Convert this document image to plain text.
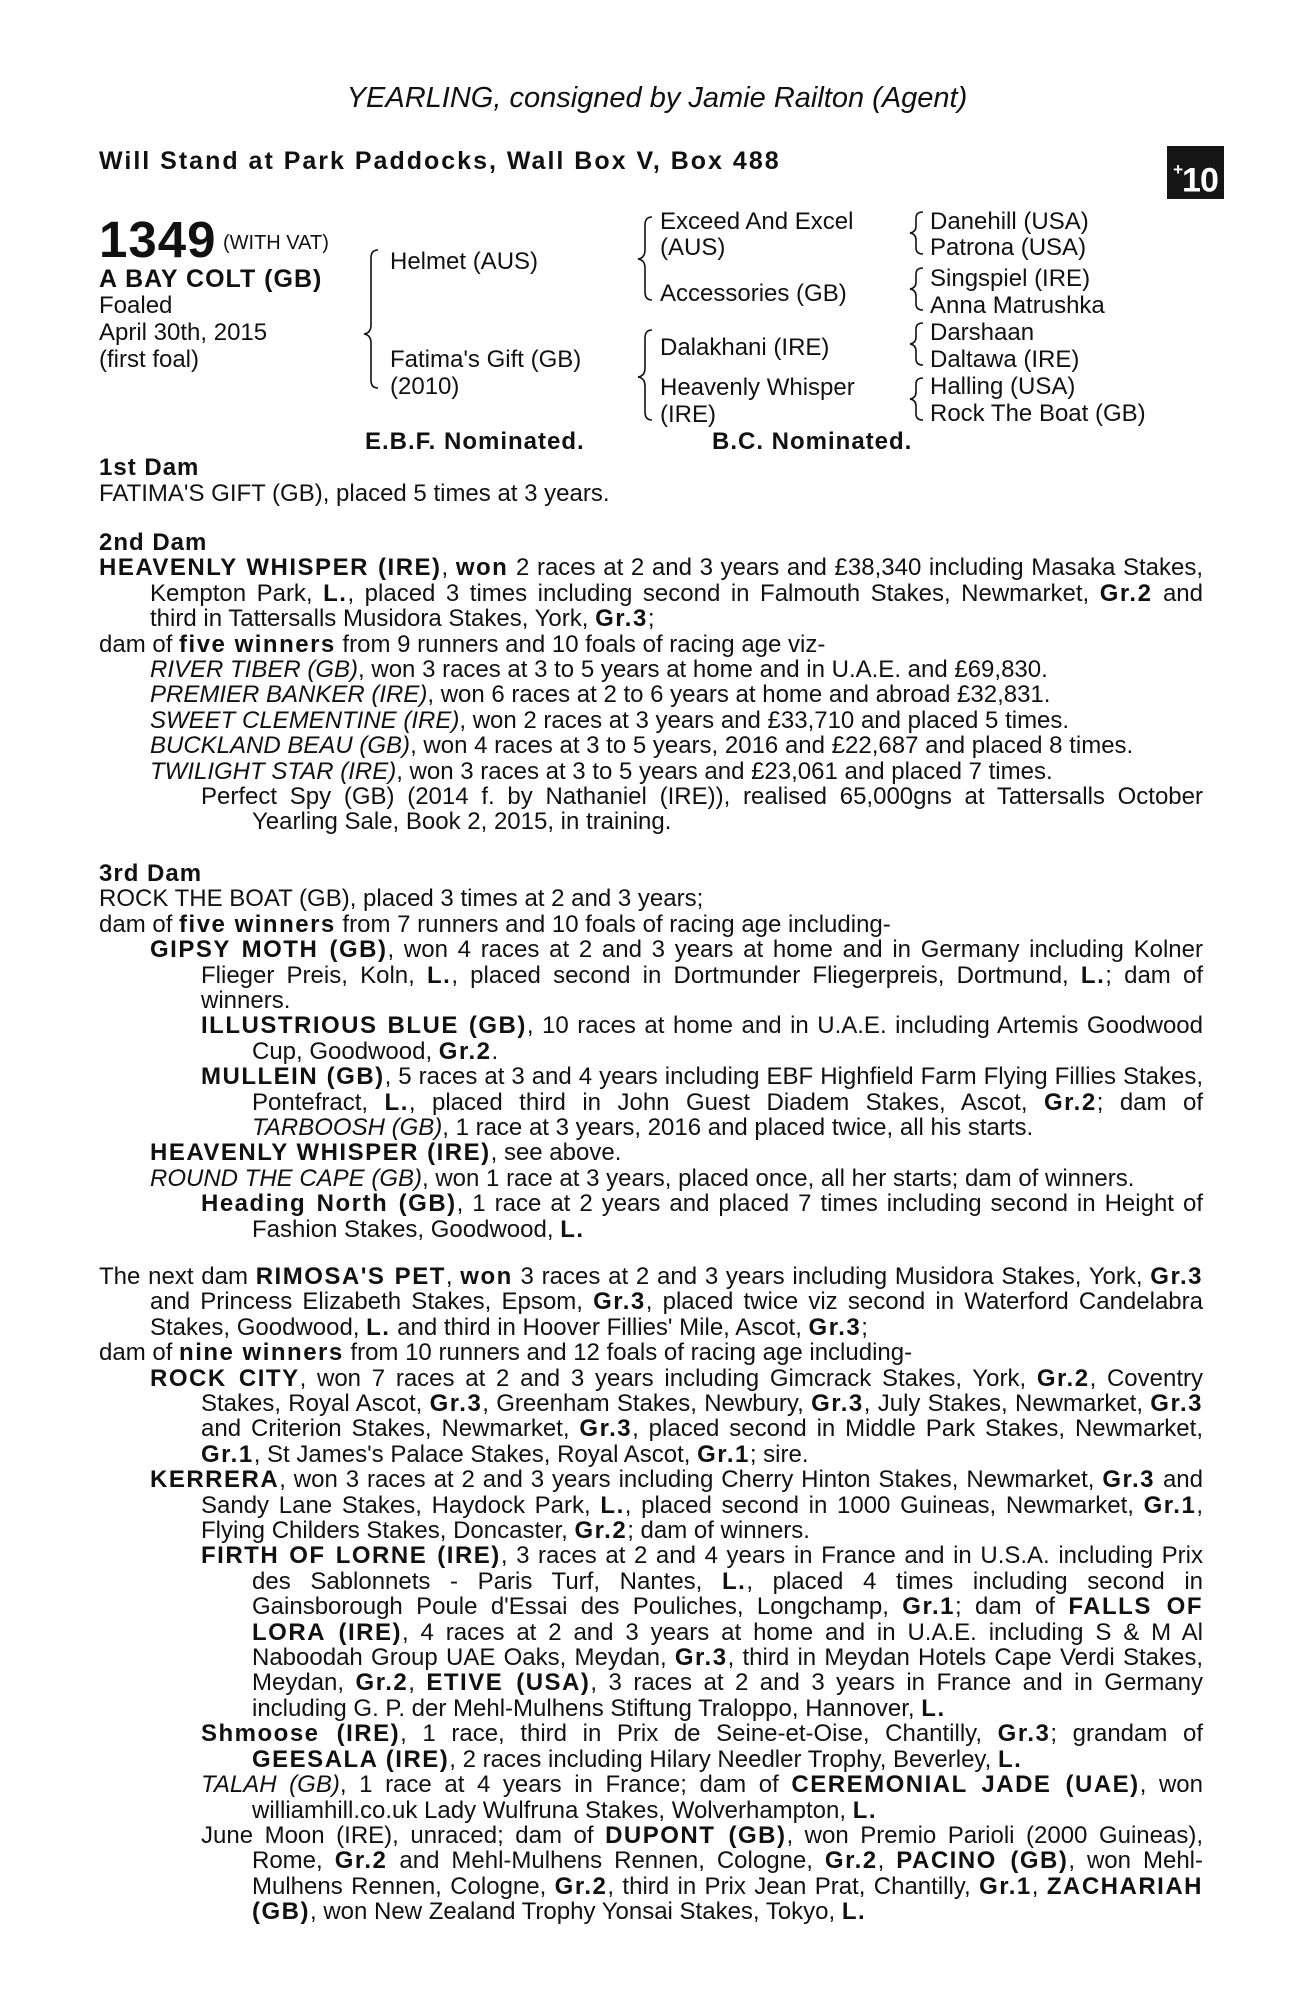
YEARLING, consigned by Jamie Railton (Agent)
Will Stand at Park Paddocks, Wall Box V, Box 488	+10
1349 (WITH VAT)
A BAY COLT (GB)
Foaled
April 30th, 2015
(first foal)
Helmet (AUS)
Fatima's Gift (GB)
(2010)
Exceed And Excel
(AUS)
Accessories (GB)
Dalakhani (IRE)
Heavenly Whisper
(IRE)
Danehill (USA)
Patrona (USA)
Singspiel (IRE)
Anna Matrushka
Darshaan
Daltawa (IRE)
Halling (USA)
Rock The Boat (GB)
E.B.F. Nominated.	B.C. Nominated.
1st Dam
FATIMA'S GIFT (GB), placed 5 times at 3 years.

2nd Dam

HEAVENLY WHISPER (IRE), won 2 races at 2 and 3 years and £38,340 including Masaka Stakes, Kempton Park, L., placed 3 times including second in Falmouth Stakes, Newmarket, Gr.2 and third in Tattersalls Musidora Stakes, York, Gr.3;

dam of five winners from 9 runners and 10 foals of racing age viz-

RIVER TIBER (GB), won 3 races at 3 to 5 years at home and in U.A.E. and £69,830.

PREMIER BANKER (IRE), won 6 races at 2 to 6 years at home and abroad £32,831.

SWEET CLEMENTINE (IRE), won 2 races at 3 years and £33,710 and placed 5 times.

BUCKLAND BEAU (GB), won 4 races at 3 to 5 years, 2016 and £22,687 and placed 8 times.

TWILIGHT STAR (IRE), won 3 races at 3 to 5 years and £23,061 and placed 7 times.

Perfect Spy (GB) (2014 f. by Nathaniel (IRE)), realised 65,000gns at Tattersalls October Yearling Sale, Book 2, 2015, in training.

3rd Dam

ROCK THE BOAT (GB), placed 3 times at 2 and 3 years;

dam of five winners from 7 runners and 10 foals of racing age including-

GIPSY MOTH (GB), won 4 races at 2 and 3 years at home and in Germany including Kolner Flieger Preis, Koln, L., placed second in Dortmunder Fliegerpreis, Dortmund, L.; dam of winners.

ILLUSTRIOUS BLUE (GB), 10 races at home and in U.A.E. including Artemis Goodwood Cup, Goodwood, Gr.2.

MULLEIN (GB), 5 races at 3 and 4 years including EBF Highfield Farm Flying Fillies Stakes, Pontefract, L., placed third in John Guest Diadem Stakes, Ascot, Gr.2; dam of TARBOOSH (GB), 1 race at 3 years, 2016 and placed twice, all his starts.

HEAVENLY WHISPER (IRE), see above.

ROUND THE CAPE (GB), won 1 race at 3 years, placed once, all her starts; dam of winners.

Heading North (GB), 1 race at 2 years and placed 7 times including second in Height of Fashion Stakes, Goodwood, L.

The next dam RIMOSA'S PET, won 3 races at 2 and 3 years including Musidora Stakes, York, Gr.3 and Princess Elizabeth Stakes, Epsom, Gr.3, placed twice viz second in Waterford Candelabra Stakes, Goodwood, L. and third in Hoover Fillies' Mile, Ascot, Gr.3;

dam of nine winners from 10 runners and 12 foals of racing age including-

ROCK CITY, won 7 races at 2 and 3 years including Gimcrack Stakes, York, Gr.2, Coventry Stakes, Royal Ascot, Gr.3, Greenham Stakes, Newbury, Gr.3, July Stakes, Newmarket, Gr.3 and Criterion Stakes, Newmarket, Gr.3, placed second in Middle Park Stakes, Newmarket, Gr.1, St James's Palace Stakes, Royal Ascot, Gr.1; sire.

KERRERA, won 3 races at 2 and 3 years including Cherry Hinton Stakes, Newmarket, Gr.3 and Sandy Lane Stakes, Haydock Park, L., placed second in 1000 Guineas, Newmarket, Gr.1, Flying Childers Stakes, Doncaster, Gr.2; dam of winners.

FIRTH OF LORNE (IRE), 3 races at 2 and 4 years in France and in U.S.A. including Prix des Sablonnets - Paris Turf, Nantes, L., placed 4 times including second in Gainsborough Poule d'Essai des Pouliches, Longchamp, Gr.1; dam of FALLS OF LORA (IRE), 4 races at 2 and 3 years at home and in U.A.E. including S & M Al Naboodah Group UAE Oaks, Meydan, Gr.3, third in Meydan Hotels Cape Verdi Stakes, Meydan, Gr.2, ETIVE (USA), 3 races at 2 and 3 years in France and in Germany including G. P. der Mehl-Mulhens Stiftung Traloppo, Hannover, L.

Shmoose (IRE), 1 race, third in Prix de Seine-et-Oise, Chantilly, Gr.3; grandam of GEESALA (IRE), 2 races including Hilary Needler Trophy, Beverley, L.

TALAH (GB), 1 race at 4 years in France; dam of CEREMONIAL JADE (UAE), won williamhill.co.uk Lady Wulfruna Stakes, Wolverhampton, L.

June Moon (IRE), unraced; dam of DUPONT (GB), won Premio Parioli (2000 Guineas), Rome, Gr.2 and Mehl-Mulhens Rennen, Cologne, Gr.2, PACINO (GB), won Mehl-Mulhens Rennen, Cologne, Gr.2, third in Prix Jean Prat, Chantilly, Gr.1, ZACHARIAH (GB), won New Zealand Trophy Yonsai Stakes, Tokyo, L.
